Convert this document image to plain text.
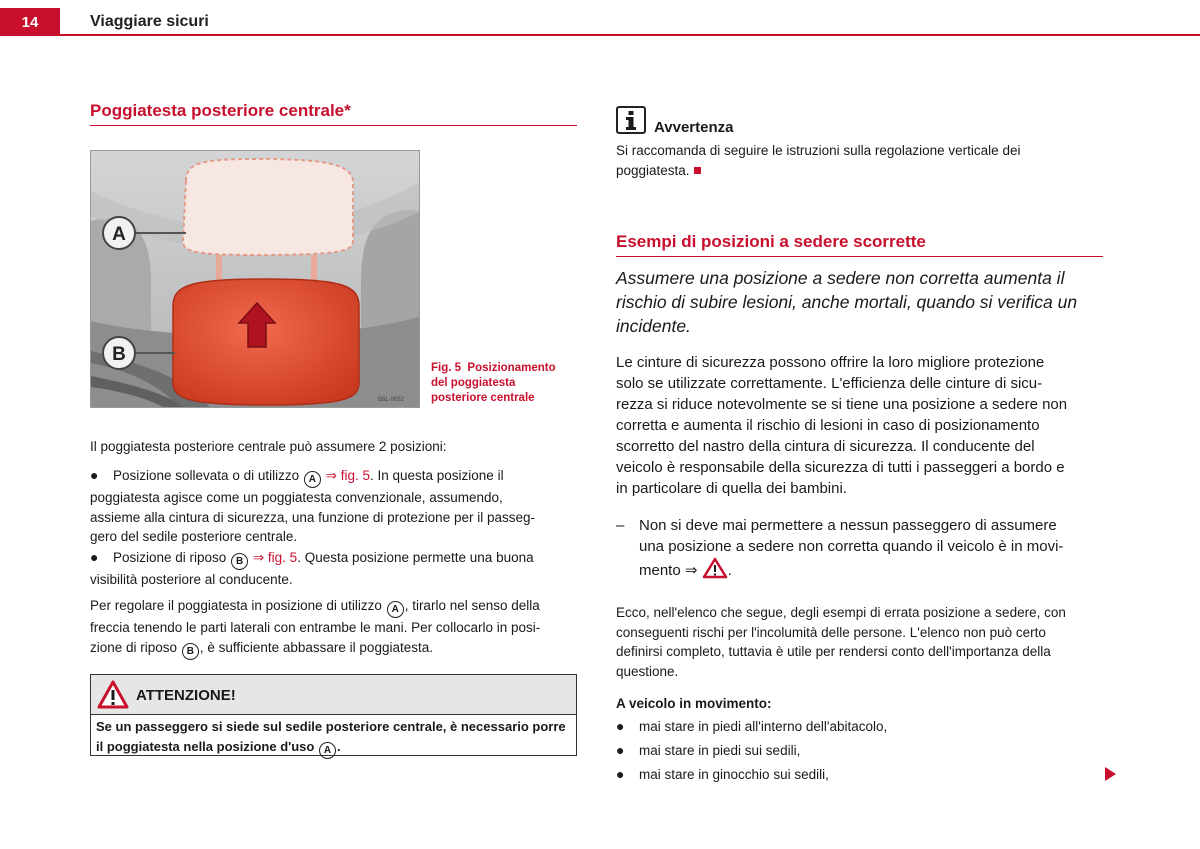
14	Viaggiare sicuri
Poggiatesta posteriore centrale*
A
B
B6L-0052
Fig. 5 Posizionamento del poggiatesta posteriore centrale
Il poggiatesta posteriore centrale può assumere 2 posizioni:
●	Posizione sollevata o di utilizzo A ⇒ fig. 5. In questa posizione il
poggiatesta agisce come un poggiatesta convenzionale, assumendo,
assieme alla cintura di sicurezza, una funzione di protezione per il passeg-
gero del sedile posteriore centrale.
●	Posizione di riposo B ⇒ fig. 5. Questa posizione permette una buona
visibilità posteriore al conducente.
Per regolare il poggiatesta in posizione di utilizzo A , tirarlo nel senso della
freccia tenendo le parti laterali con entrambe le mani. Per collocarlo in posi-
zione di riposo B , è sufficiente abbassare il poggiatesta.
ATTENZIONE!
Se un passeggero si siede sul sedile posteriore centrale, è necessario porre
il poggiatesta nella posizione d'uso A .
Avvertenza
Si raccomanda di seguire le istruzioni sulla regolazione verticale dei
poggiatesta.
Esempi di posizioni a sedere scorrette
Assumere una posizione a sedere non corretta aumenta il
rischio di subire lesioni, anche mortali, quando si verifica un
incidente.
Le cinture di sicurezza possono offrire la loro migliore protezione
solo se utilizzate correttamente. L'efficienza delle cinture di sicu-
rezza si riduce notevolmente se si tiene una posizione a sedere non
corretta e aumenta il rischio di lesioni in caso di posizionamento
scorretto del nastro della cintura di sicurezza. Il conducente del
veicolo è responsabile della sicurezza di tutti i passeggeri a bordo e
in particolare di quella dei bambini.
– Non si deve mai permettere a nessun passeggero di assumere
una posizione a sedere non corretta quando il veicolo è in movi-
mento ⇒ .
Ecco, nell'elenco che segue, degli esempi di errata posizione a sedere, con
conseguenti rischi per l'incolumità delle persone. L'elenco non può certo
definirsi completo, tuttavia è utile per rendersi conto dell'importanza della
questione.
A veicolo in movimento:
●	mai stare in piedi all'interno dell'abitacolo,
●	mai stare in piedi sui sedili,
●	mai stare in ginocchio sui sedili,
